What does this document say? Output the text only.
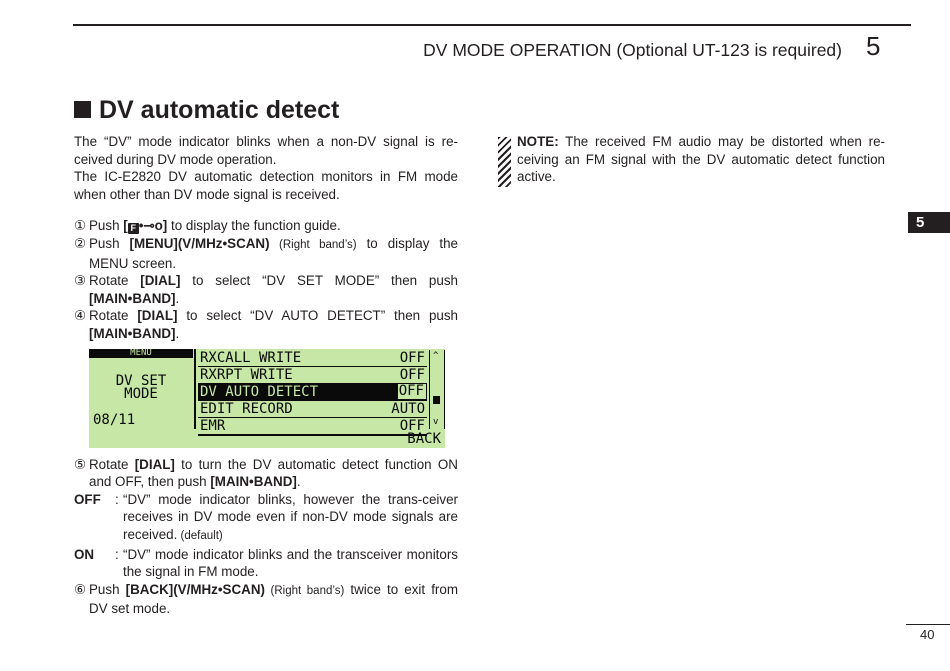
DV MODE OPERATION (Optional UT-123 is required) 5
DV automatic detect

The “DV” mode indicator blinks when a non-DV signal is re-ceived during DV mode operation.

The IC-E2820 DV automatic detection monitors in FM mode when other than DV mode signal is received.

① Push [ F •⊸o] to display the function guide.

② Push [MENU](V/MHz•SCAN) (Right band’s) to display the MENU screen.

③ Rotate [DIAL] to select “DV SET MODE” then push [MAIN•BAND].

④ Rotate [DIAL] to select “DV AUTO DETECT” then push [MAIN•BAND].

MENU
DV SET
MODE
08/11
RXCALL WRITE	OFF
RXRPT WRITE	OFF
DV AUTO DETECT	OFF
EDIT RECORD	AUTO
EMR	OFF
^
v
BACK

⑤ Rotate [DIAL] to turn the DV automatic detect function ON and OFF, then push [MAIN•BAND].

OFF : “DV” mode indicator blinks, however the trans-ceiver receives in DV mode even if non-DV mode signals are received. (default)

ON : “DV” mode indicator blinks and the transceiver monitors the signal in FM mode.

⑥ Push [BACK](V/MHz•SCAN) (Right band’s) twice to exit from DV set mode.

NOTE: The received FM audio may be distorted when re-ceiving an FM signal with the DV automatic detect function active.

5
40
